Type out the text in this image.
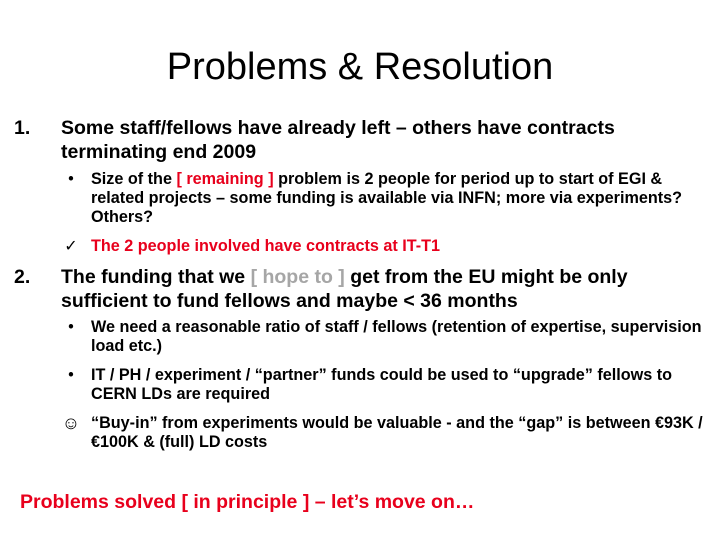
Problems & Resolution
1. Some staff/fellows have already left – others have contracts terminating end 2009
•	Size of the [ remaining ] problem is 2 people for period up to start of EGI & related projects – some funding is available via INFN; more via experiments? Others?
✓ The 2 people involved have contracts at IT-T1
2. The funding that we [ hope to ] get from the EU might be only sufficient to fund fellows and maybe < 36 months
•	We need a reasonable ratio of staff / fellows (retention of expertise, supervision load etc.)
•	IT / PH / experiment / “partner” funds could be used to “upgrade” fellows to CERN LDs are required
☺ “Buy-in” from experiments would be valuable - and the “gap” is between €93K / €100K & (full) LD costs
Problems solved [ in principle ] – let’s move on…
